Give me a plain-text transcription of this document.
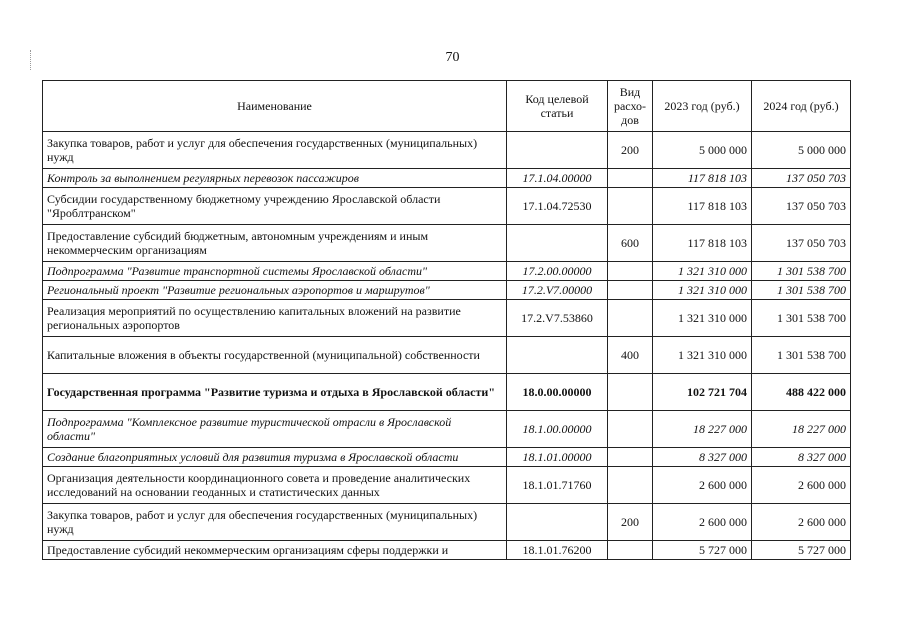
70
Наименование	Код целевой статьи	Вид расхо-дов	2023 год (руб.)	2024 год (руб.)
Закупка товаров, работ и услуг для обеспечения государственных (муниципальных) нужд		200	5 000 000	5 000 000
Контроль за выполнением регулярных перевозок пассажиров	17.1.04.00000		117 818 103	137 050 703
Субсидии государственному бюджетному учреждению Ярославской области "Яроблтранском"	17.1.04.72530		117 818 103	137 050 703
Предоставление субсидий бюджетным, автономным учреждениям и иным некоммерческим организациям		600	117 818 103	137 050 703
Подпрограмма "Развитие транспортной системы Ярославской области"	17.2.00.00000		1 321 310 000	1 301 538 700
Региональный проект "Развитие региональных аэропортов и маршрутов"	17.2.V7.00000		1 321 310 000	1 301 538 700
Реализация мероприятий по осуществлению капитальных вложений на развитие региональных аэропортов	17.2.V7.53860		1 321 310 000	1 301 538 700
Капитальные вложения в объекты государственной (муниципальной) собственности		400	1 321 310 000	1 301 538 700
Государственная программа "Развитие туризма и отдыха в Ярославской области"	18.0.00.00000		102 721 704	488 422 000
Подпрограмма "Комплексное развитие туристической отрасли в Ярославской области"	18.1.00.00000		18 227 000	18 227 000
Создание благоприятных условий для развития туризма в Ярославской области	18.1.01.00000		8 327 000	8 327 000
Организация деятельности координационного совета и проведение аналитических исследований на основании геоданных и статистических данных	18.1.01.71760		2 600 000	2 600 000
Закупка товаров, работ и услуг для обеспечения государственных (муниципальных) нужд		200	2 600 000	2 600 000
Предоставление субсидий некоммерческим организациям сферы поддержки и	18.1.01.76200		5 727 000	5 727 000
